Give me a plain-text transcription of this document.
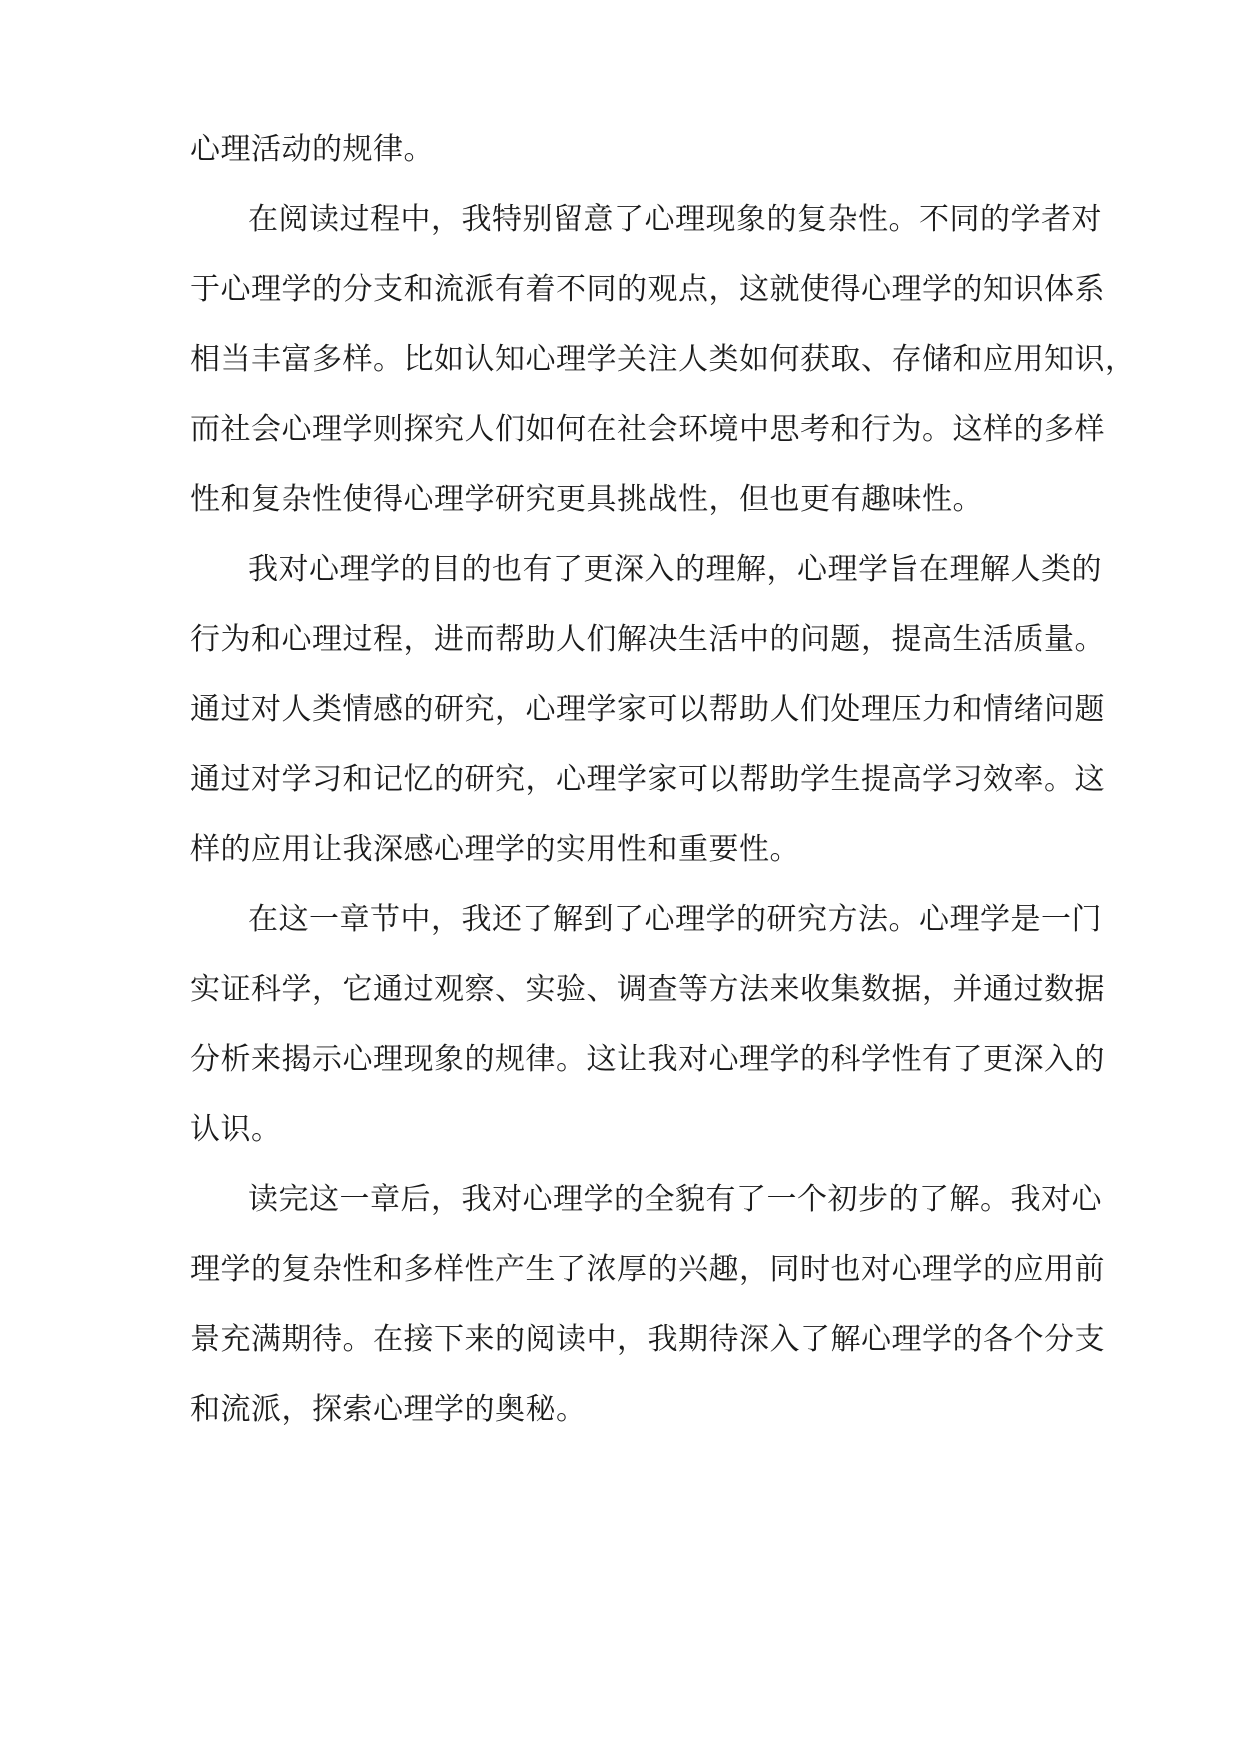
心理活动的规律。
在阅读过程中，我特别留意了心理现象的复杂性。不同的学者对
于心理学的分支和流派有着不同的观点，这就使得心理学的知识体系
相当丰富多样。比如认知心理学关注人类如何获取、存储和应用知识，
而社会心理学则探究人们如何在社会环境中思考和行为。这样的多样
性和复杂性使得心理学研究更具挑战性，但也更有趣味性。
我对心理学的目的也有了更深入的理解，心理学旨在理解人类的
行为和心理过程，进而帮助人们解决生活中的问题，提高生活质量。
通过对人类情感的研究，心理学家可以帮助人们处理压力和情绪问题
通过对学习和记忆的研究，心理学家可以帮助学生提高学习效率。这
样的应用让我深感心理学的实用性和重要性。
在这一章节中，我还了解到了心理学的研究方法。心理学是一门
实证科学，它通过观察、实验、调查等方法来收集数据，并通过数据
分析来揭示心理现象的规律。这让我对心理学的科学性有了更深入的
认识。
读完这一章后，我对心理学的全貌有了一个初步的了解。我对心
理学的复杂性和多样性产生了浓厚的兴趣，同时也对心理学的应用前
景充满期待。在接下来的阅读中，我期待深入了解心理学的各个分支
和流派，探索心理学的奥秘。
